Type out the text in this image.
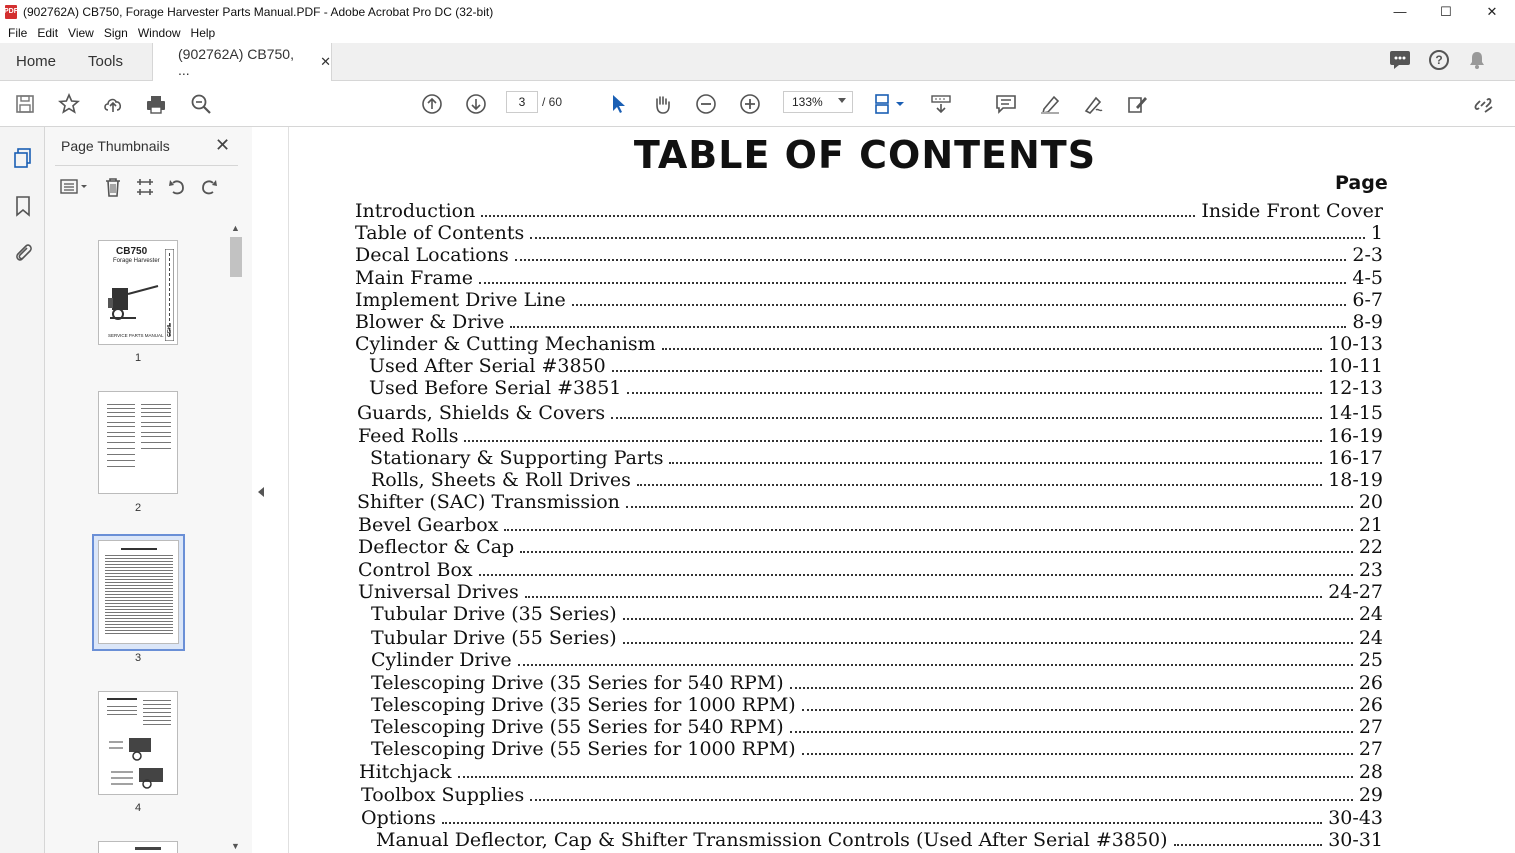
PDF (902762A) CB750, Forage Harvester Parts Manual.PDF - Adobe Acrobat Pro DC (32-bit)	—	☐	✕
File Edit View Sign Window Help
Home Tools	(902762A) CB750, ...
✕	?
3	/ 60	133%
Page Thumbnails	✕
CB750
Forage Harvester
GEHL
SERVICE PARTS MANUAL
1
2
3
4
▲
▼
TABLE OF CONTENTS
Page
Introduction	Inside Front Cover
Table of Contents	1
Decal Locations	2-3
Main Frame	4-5
Implement Drive Line	6-7
Blower & Drive	8-9
Cylinder & Cutting Mechanism	10-13
Used After Serial #3850	10-11
Used Before Serial #3851	12-13
Guards, Shields & Covers	14-15
Feed Rolls	16-19
Stationary & Supporting Parts	16-17
Rolls, Sheets & Roll Drives	18-19
Shifter (SAC) Transmission	20
Bevel Gearbox	21
Deflector & Cap	22
Control Box	23
Universal Drives	24-27
Tubular Drive (35 Series)	24
Tubular Drive (55 Series)	24
Cylinder Drive	25
Telescoping Drive (35 Series for 540 RPM)	26
Telescoping Drive (35 Series for 1000 RPM)	26
Telescoping Drive (55 Series for 540 RPM)	27
Telescoping Drive (55 Series for 1000 RPM)	27
Hitchjack	28
Toolbox Supplies	29
Options	30-43
Manual Deflector, Cap & Shifter Transmission Controls (Used After Serial #3850)	30-31
